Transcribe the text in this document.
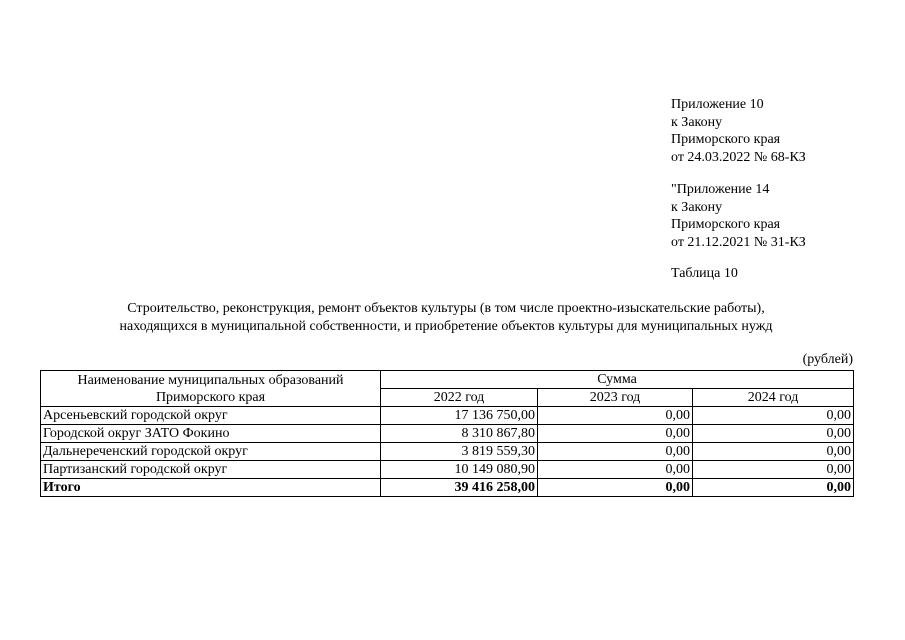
Приложение 10
к Закону
Приморского края
от 24.03.2022 № 68-КЗ
"Приложение 14
к Закону
Приморского края
от 21.12.2021 № 31-КЗ
Таблица 10
Строительство, реконструкция, ремонт объектов культуры (в том числе проектно-изыскательские работы),
находящихся в муниципальной собственности, и приобретение объектов культуры для муниципальных нужд
(рублей)
Наименование муниципальных образований Приморского края	Сумма		
	2022 год	2023 год	2024 год
Арсеньевский городской округ	17 136 750,00	0,00	0,00
Городской округ ЗАТО Фокино	8 310 867,80	0,00	0,00
Дальнереченский городской округ	3 819 559,30	0,00	0,00
Партизанский городской округ	10 149 080,90	0,00	0,00
Итого	39 416 258,00	0,00	0,00
